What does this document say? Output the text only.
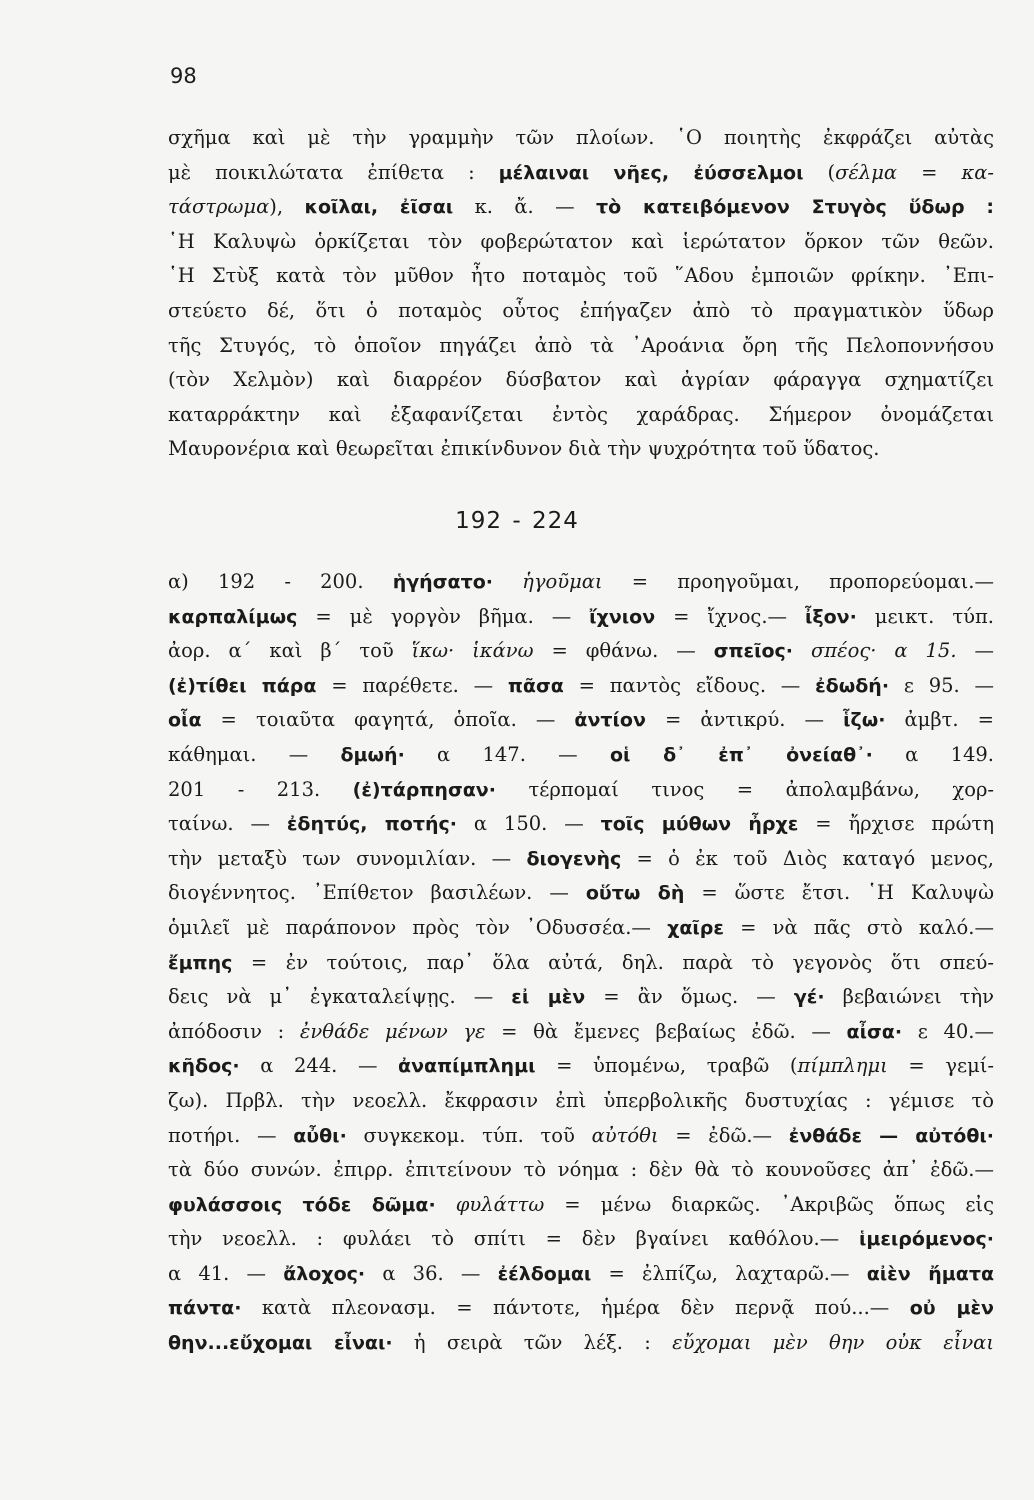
98
σχῆμα καὶ μὲ τὴν γραμμὴν τῶν πλοίων. ῾Ο ποιητὴς ἐκφράζει αὐτὰς
μὲ ποικιλώτατα ἐπίθετα : μέλαιναι νῆες, ἐύσσελμοι (σέλμα = κα-
τάστρωμα), κοῖλαι, ἐῖσαι κ. ἄ. — τὸ κατειβόμενον Στυγὸς ὕδωρ :
῾Η Καλυψὼ ὁρκίζεται τὸν φοβερώτατον καὶ ἱερώτατον ὅρκον τῶν θεῶν.
῾Η Στὺξ κατὰ τὸν μῦθον ἦτο ποταμὸς τοῦ ῞Αδου ἐμποιῶν φρίκην. ᾿Επι-
στεύετο δέ, ὅτι ὁ ποταμὸς οὗτος ἐπήγαζεν ἀπὸ τὸ πραγματικὸν ὕδωρ
τῆς Στυγός, τὸ ὁποῖον πηγάζει ἀπὸ τὰ ᾿Αροάνια ὄρη τῆς Πελοποννήσου
(τὸν Χελμὸν) καὶ διαρρέον δύσβατον καὶ ἀγρίαν φάραγγα σχηματίζει
καταρράκτην καὶ ἐξαφανίζεται ἐντὸς χαράδρας. Σήμερον ὀνομάζεται
Μαυρονέρια καὶ θεωρεῖται ἐπικίνδυνον διὰ τὴν ψυχρότητα τοῦ ὕδατος.
192 - 224
α) 192 - 200. ἡγήσατο· ἡγοῦμαι = προηγοῦμαι, προπορεύομαι.—
καρπαλίμως = μὲ γοργὸν βῆμα. — ἴχνιον = ἴχνος.— ἶξον· μεικτ. τύπ.
ἀορ. α΄ καὶ β΄ τοῦ ἵκω· ἱκάνω = φθάνω. — σπεῖος· σπέος· α 15. —
(ἐ)τίθει πάρα = παρέθετε. — πᾶσα = παντὸς εἴδους. — ἐδωδή· ε 95. —
οἷα = τοιαῦτα φαγητά, ὁποῖα. — ἀντίον = ἀντικρύ. — ἷζω· ἀμβτ. =
κάθημαι. — δμωή· α 147. — οἱ δ᾿ ἐπ᾿ ὀνείαθ᾿· α 149.
201 - 213. (ἐ)τάρπησαν· τέρπομαί τινος = ἀπολαμβάνω, χορ-
ταίνω. — ἐδητύς, ποτής· α 150. — τοῖς μύθων ἦρχε = ἤρχισε πρώτη
τὴν μεταξὺ των συνομιλίαν. — διογενὴς = ὁ ἐκ τοῦ Διὸς καταγό μενος,
διογέννητος. ᾿Επίθετον βασιλέων. — οὕτω δὴ = ὥστε ἔτσι. ῾Η Καλυψὼ
ὁμιλεῖ μὲ παράπονον πρὸς τὸν ᾿Οδυσσέα.— χαῖρε = νὰ πᾶς στὸ καλό.—
ἔμπης = ἐν τούτοις, παρ᾿ ὅλα αὐτά, δηλ. παρὰ τὸ γεγονὸς ὅτι σπεύ-
δεις νὰ μ᾿ ἐγκαταλείψῃς. — εἰ μὲν = ἂν ὅμως. — γέ· βεβαιώνει τὴν
ἀπόδοσιν : ἐνθάδε μένων γε = θὰ ἔμενες βεβαίως ἐδῶ. — αἶσα· ε 40.—
κῆδος· α 244. — ἀναπίμπλημι = ὑπομένω, τραβῶ (πίμπλημι = γεμί-
ζω). Πρβλ. τὴν νεοελλ. ἔκφρασιν ἐπὶ ὑπερβολικῆς δυστυχίας : γέμισε τὸ
ποτήρι. — αὖθι· συγκεκομ. τύπ. τοῦ αὐτόθι = ἐδῶ.— ἐνθάδε — αὐτόθι·
τὰ δύο συνών. ἐπιρρ. ἐπιτείνουν τὸ νόημα : δὲν θὰ τὸ κουνοῦσες ἀπ᾿ ἐδῶ.—
φυλάσσοις τόδε δῶμα· φυλάττω = μένω διαρκῶς. ᾿Ακριβῶς ὅπως εἰς
τὴν νεοελλ. : φυλάει τὸ σπίτι = δὲν βγαίνει καθόλου.— ἱμειρόμενος·
α 41. — ἄλοχος· α 36. — ἐέλδομαι = ἐλπίζω, λαχταρῶ.— αἰὲν ἤματα
πάντα· κατὰ πλεονασμ. = πάντοτε, ἡμέρα δὲν περνᾷ πού...— οὐ μὲν
θην...εὔχομαι εἶναι· ἡ σειρὰ τῶν λέξ. : εὔχομαι μὲν θην οὐκ εἶναι
